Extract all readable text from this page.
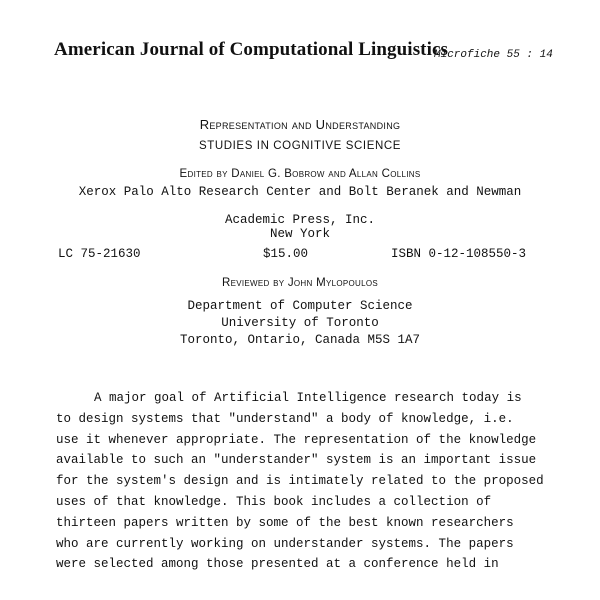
American Journal of Computational Linguistics
Microfiche 55 : 14
Representation and Understanding
STUDIES IN COGNITIVE SCIENCE
Edited by Daniel G. Bobrow and Allan Collins
Xerox Palo Alto Research Center and Bolt Beranek and Newman
Academic Press, Inc.
New York
LC 75-21630	$15.00	ISBN 0-12-108550-3
Reviewed by John Mylopoulos
Department of Computer Science
University of Toronto
Toronto, Ontario, Canada M5S 1A7
A major goal of Artificial Intelligence research today is
to design systems that "understand" a body of knowledge, i.e.
use it whenever appropriate. The representation of the knowledge
available to such an "understander" system is an important issue
for the system's design and is intimately related to the proposed
uses of that knowledge. This book includes a collection of
thirteen papers written by some of the best known researchers
who are currently working on understander systems. The papers
were selected among those presented at a conference held in
